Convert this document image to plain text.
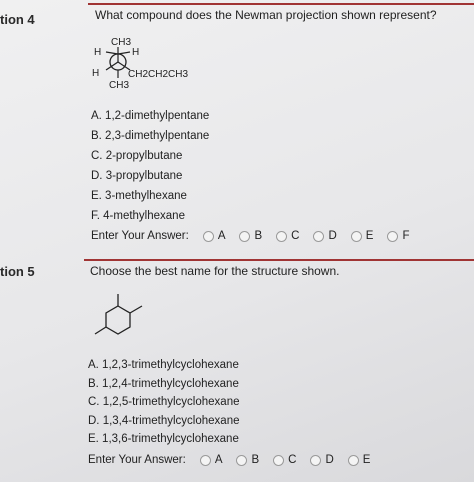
tion 4	What compound does the Newman projection shown represent?
CH3
H	H
H	CH2CH2CH3
CH3
A. 1,2-dimethylpentane
B. 2,3-dimethylpentane
C. 2-propylbutane
D. 3-propylbutane
E. 3-methylhexane
F. 4-methylhexane
Enter Your Answer:	A	B	C	D	E	F
tion 5	Choose the best name for the structure shown.
A. 1,2,3-trimethylcyclohexane
B. 1,2,4-trimethylcyclohexane
C. 1,2,5-trimethylcyclohexane
D. 1,3,4-trimethylcyclohexane
E. 1,3,6-trimethylcyclohexane
Enter Your Answer:	A	B	C	D	E
